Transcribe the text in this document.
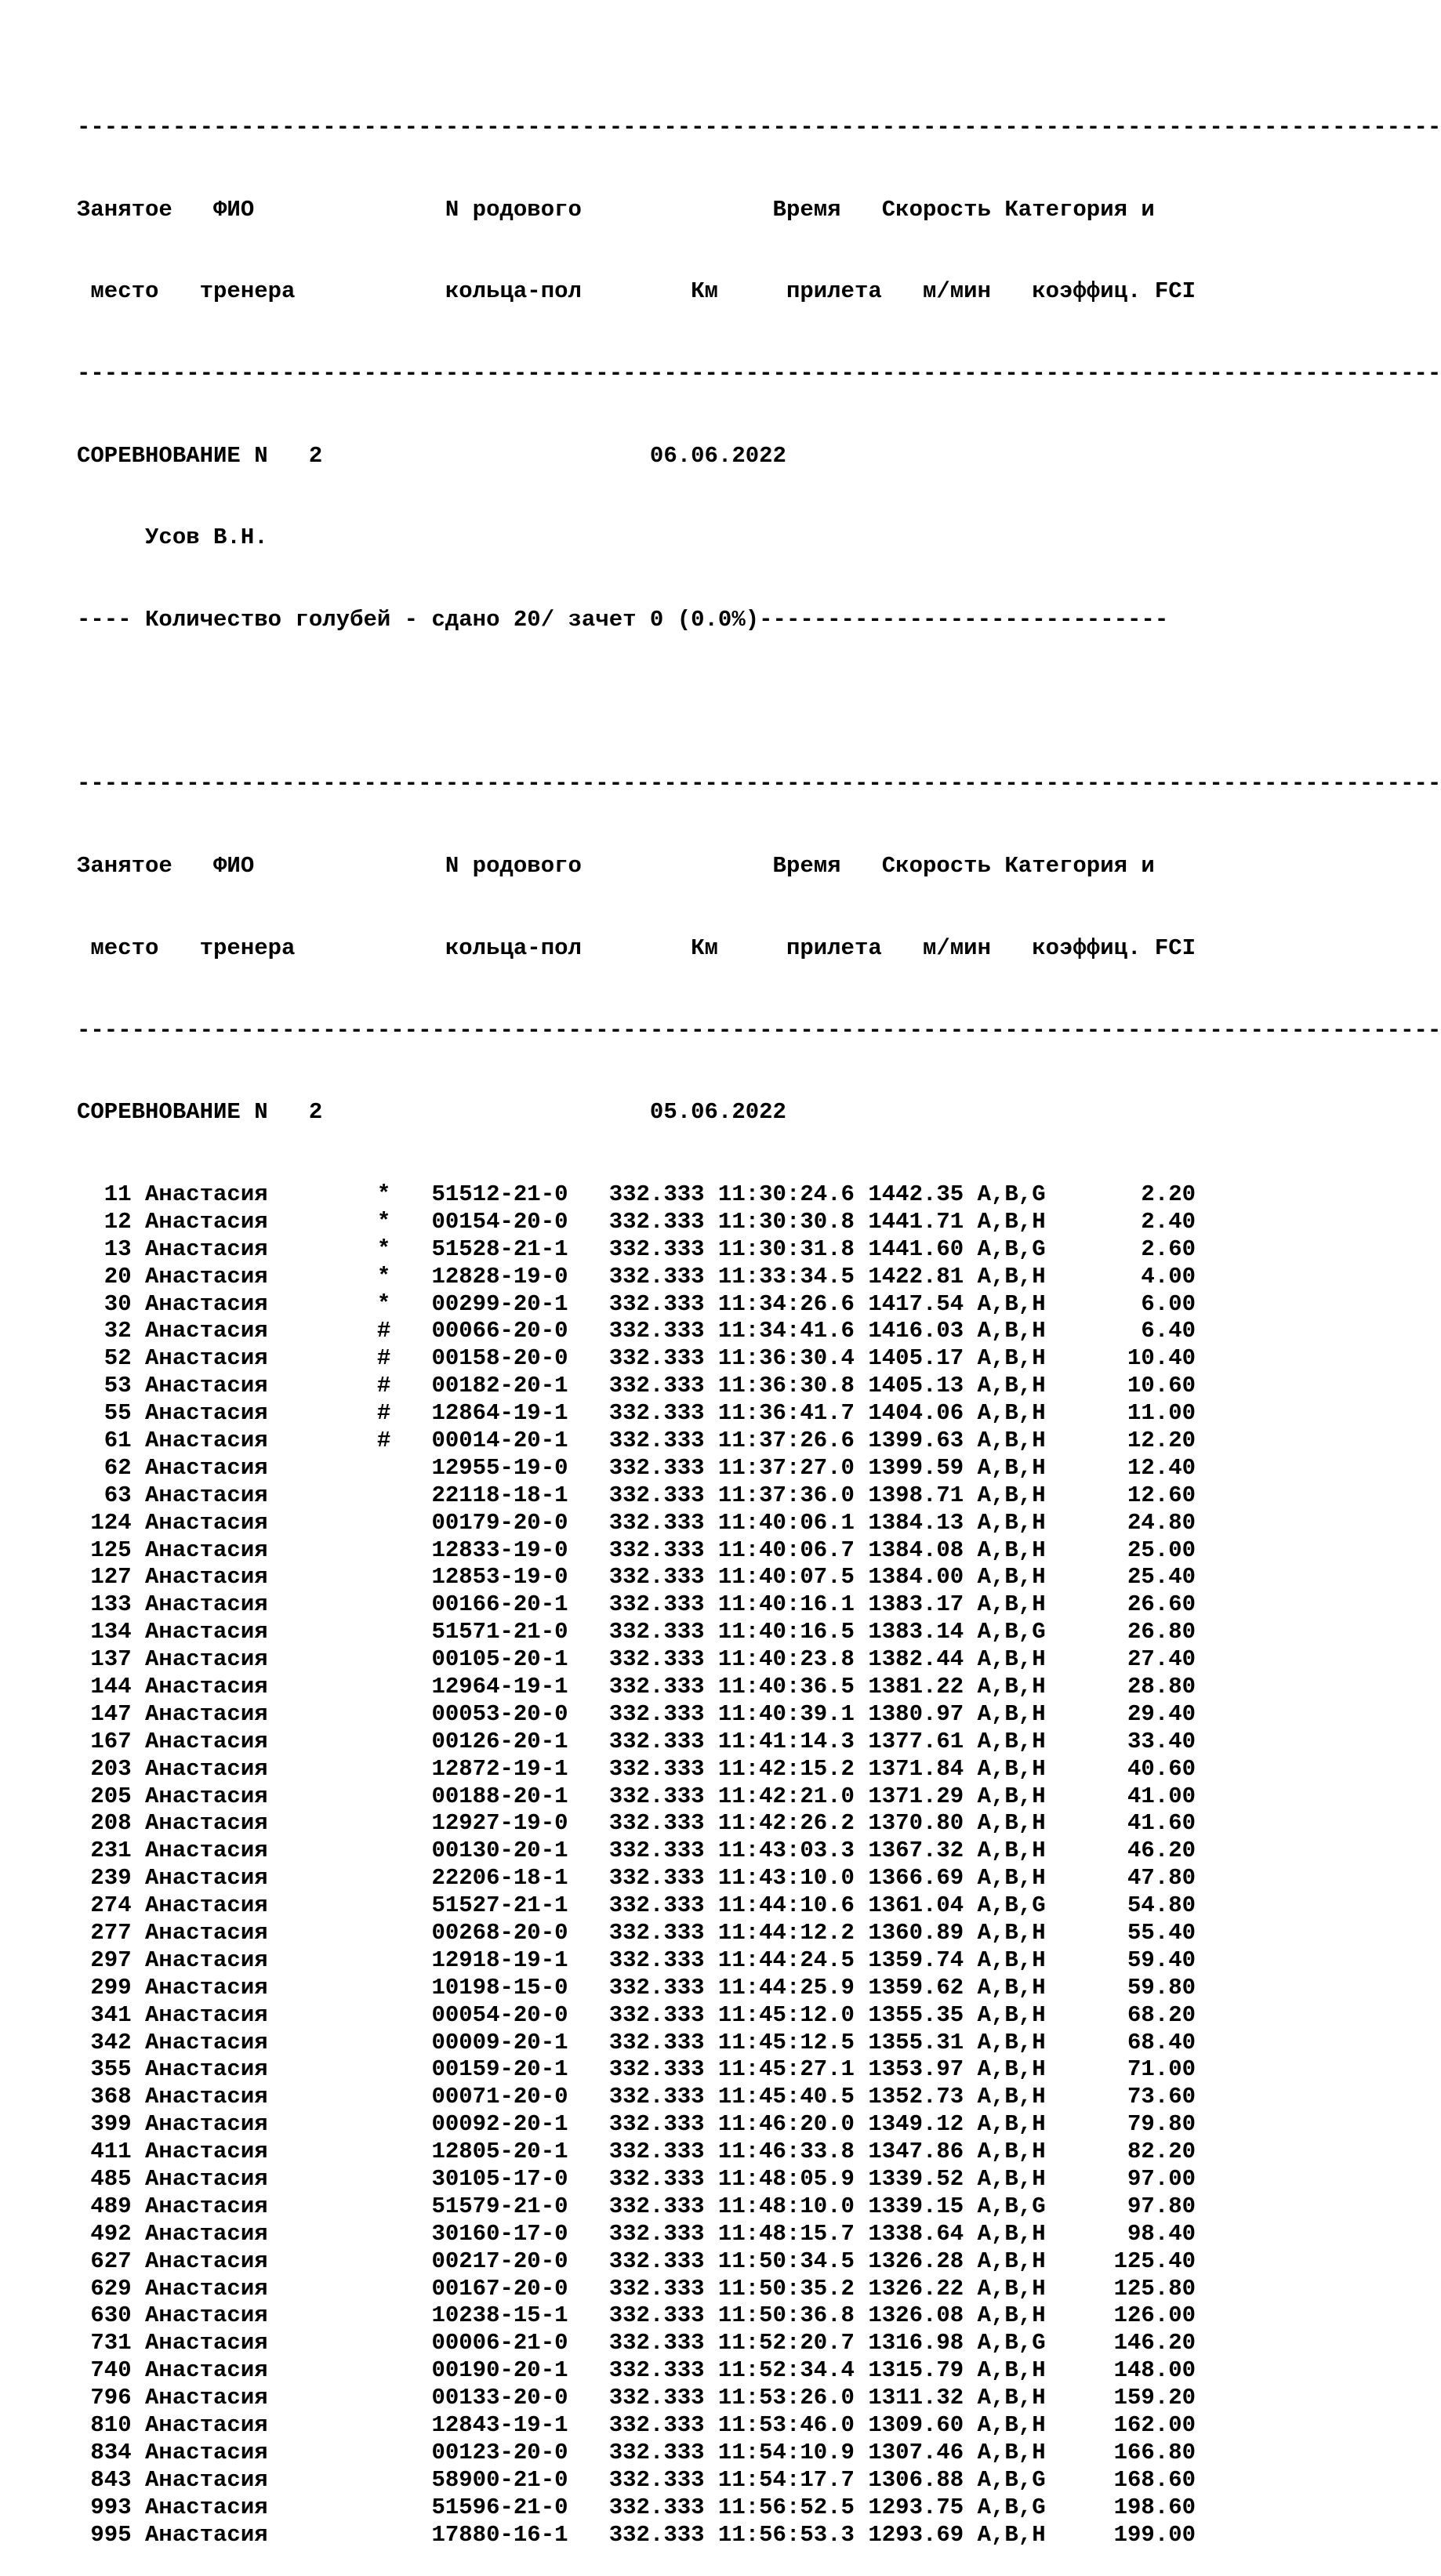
----------------------------------------------------------------------------------------------------

Занятое   ФИО              N родового              Время   Скорость Категория и

место   тренера           кольца-пол        Км     прилета   м/мин   коэффиц. FCI

----------------------------------------------------------------------------------------------------

СОРЕВНОВАНИЕ N   2                        06.06.2022

Усов В.Н.

---- Количество голубей - сдано 20/ зачет 0 (0.0%)------------------------------

----------------------------------------------------------------------------------------------------

Занятое   ФИО              N родового              Время   Скорость Категория и

место   тренера           кольца-пол        Км     прилета   м/мин   коэффиц. FCI

----------------------------------------------------------------------------------------------------

СОРЕВНОВАНИЕ N   2                        05.06.2022

11 Анастасия        *   51512-21-0   332.333 11:30:24.6 1442.35 A,B,G       2.20
12 Анастасия        *   00154-20-0   332.333 11:30:30.8 1441.71 A,B,H       2.40
13 Анастасия        *   51528-21-1   332.333 11:30:31.8 1441.60 A,B,G       2.60
20 Анастасия        *   12828-19-0   332.333 11:33:34.5 1422.81 A,B,H       4.00
30 Анастасия        *   00299-20-1   332.333 11:34:26.6 1417.54 A,B,H       6.00
32 Анастасия        #   00066-20-0   332.333 11:34:41.6 1416.03 A,B,H       6.40
52 Анастасия        #   00158-20-0   332.333 11:36:30.4 1405.17 A,B,H      10.40
53 Анастасия        #   00182-20-1   332.333 11:36:30.8 1405.13 A,B,H      10.60
55 Анастасия        #   12864-19-1   332.333 11:36:41.7 1404.06 A,B,H      11.00
61 Анастасия        #   00014-20-1   332.333 11:37:26.6 1399.63 A,B,H      12.20
62 Анастасия            12955-19-0   332.333 11:37:27.0 1399.59 A,B,H      12.40
63 Анастасия            22118-18-1   332.333 11:37:36.0 1398.71 A,B,H      12.60
124 Анастасия            00179-20-0   332.333 11:40:06.1 1384.13 A,B,H      24.80
125 Анастасия            12833-19-0   332.333 11:40:06.7 1384.08 A,B,H      25.00
127 Анастасия            12853-19-0   332.333 11:40:07.5 1384.00 A,B,H      25.40
133 Анастасия            00166-20-1   332.333 11:40:16.1 1383.17 A,B,H      26.60
134 Анастасия            51571-21-0   332.333 11:40:16.5 1383.14 A,B,G      26.80
137 Анастасия            00105-20-1   332.333 11:40:23.8 1382.44 A,B,H      27.40
144 Анастасия            12964-19-1   332.333 11:40:36.5 1381.22 A,B,H      28.80
147 Анастасия            00053-20-0   332.333 11:40:39.1 1380.97 A,B,H      29.40
167 Анастасия            00126-20-1   332.333 11:41:14.3 1377.61 A,B,H      33.40
203 Анастасия            12872-19-1   332.333 11:42:15.2 1371.84 A,B,H      40.60
205 Анастасия            00188-20-1   332.333 11:42:21.0 1371.29 A,B,H      41.00
208 Анастасия            12927-19-0   332.333 11:42:26.2 1370.80 A,B,H      41.60
231 Анастасия            00130-20-1   332.333 11:43:03.3 1367.32 A,B,H      46.20
239 Анастасия            22206-18-1   332.333 11:43:10.0 1366.69 A,B,H      47.80
274 Анастасия            51527-21-1   332.333 11:44:10.6 1361.04 A,B,G      54.80
277 Анастасия            00268-20-0   332.333 11:44:12.2 1360.89 A,B,H      55.40
297 Анастасия            12918-19-1   332.333 11:44:24.5 1359.74 A,B,H      59.40
299 Анастасия            10198-15-0   332.333 11:44:25.9 1359.62 A,B,H      59.80
341 Анастасия            00054-20-0   332.333 11:45:12.0 1355.35 A,B,H      68.20
342 Анастасия            00009-20-1   332.333 11:45:12.5 1355.31 A,B,H      68.40
355 Анастасия            00159-20-1   332.333 11:45:27.1 1353.97 A,B,H      71.00
368 Анастасия            00071-20-0   332.333 11:45:40.5 1352.73 A,B,H      73.60
399 Анастасия            00092-20-1   332.333 11:46:20.0 1349.12 A,B,H      79.80
411 Анастасия            12805-20-1   332.333 11:46:33.8 1347.86 A,B,H      82.20
485 Анастасия            30105-17-0   332.333 11:48:05.9 1339.52 A,B,H      97.00
489 Анастасия            51579-21-0   332.333 11:48:10.0 1339.15 A,B,G      97.80
492 Анастасия            30160-17-0   332.333 11:48:15.7 1338.64 A,B,H      98.40
627 Анастасия            00217-20-0   332.333 11:50:34.5 1326.28 A,B,H     125.40
629 Анастасия            00167-20-0   332.333 11:50:35.2 1326.22 A,B,H     125.80
630 Анастасия            10238-15-1   332.333 11:50:36.8 1326.08 A,B,H     126.00
731 Анастасия            00006-21-0   332.333 11:52:20.7 1316.98 A,B,G     146.20
740 Анастасия            00190-20-1   332.333 11:52:34.4 1315.79 A,B,H     148.00
796 Анастасия            00133-20-0   332.333 11:53:26.0 1311.32 A,B,H     159.20
810 Анастасия            12843-19-1   332.333 11:53:46.0 1309.60 A,B,H     162.00
834 Анастасия            00123-20-0   332.333 11:54:10.9 1307.46 A,B,H     166.80
843 Анастасия            58900-21-0   332.333 11:54:17.7 1306.88 A,B,G     168.60
993 Анастасия            51596-21-0   332.333 11:56:52.5 1293.75 A,B,G     198.60
995 Анастасия            17880-16-1   332.333 11:56:53.3 1293.69 A,B,H     199.00
